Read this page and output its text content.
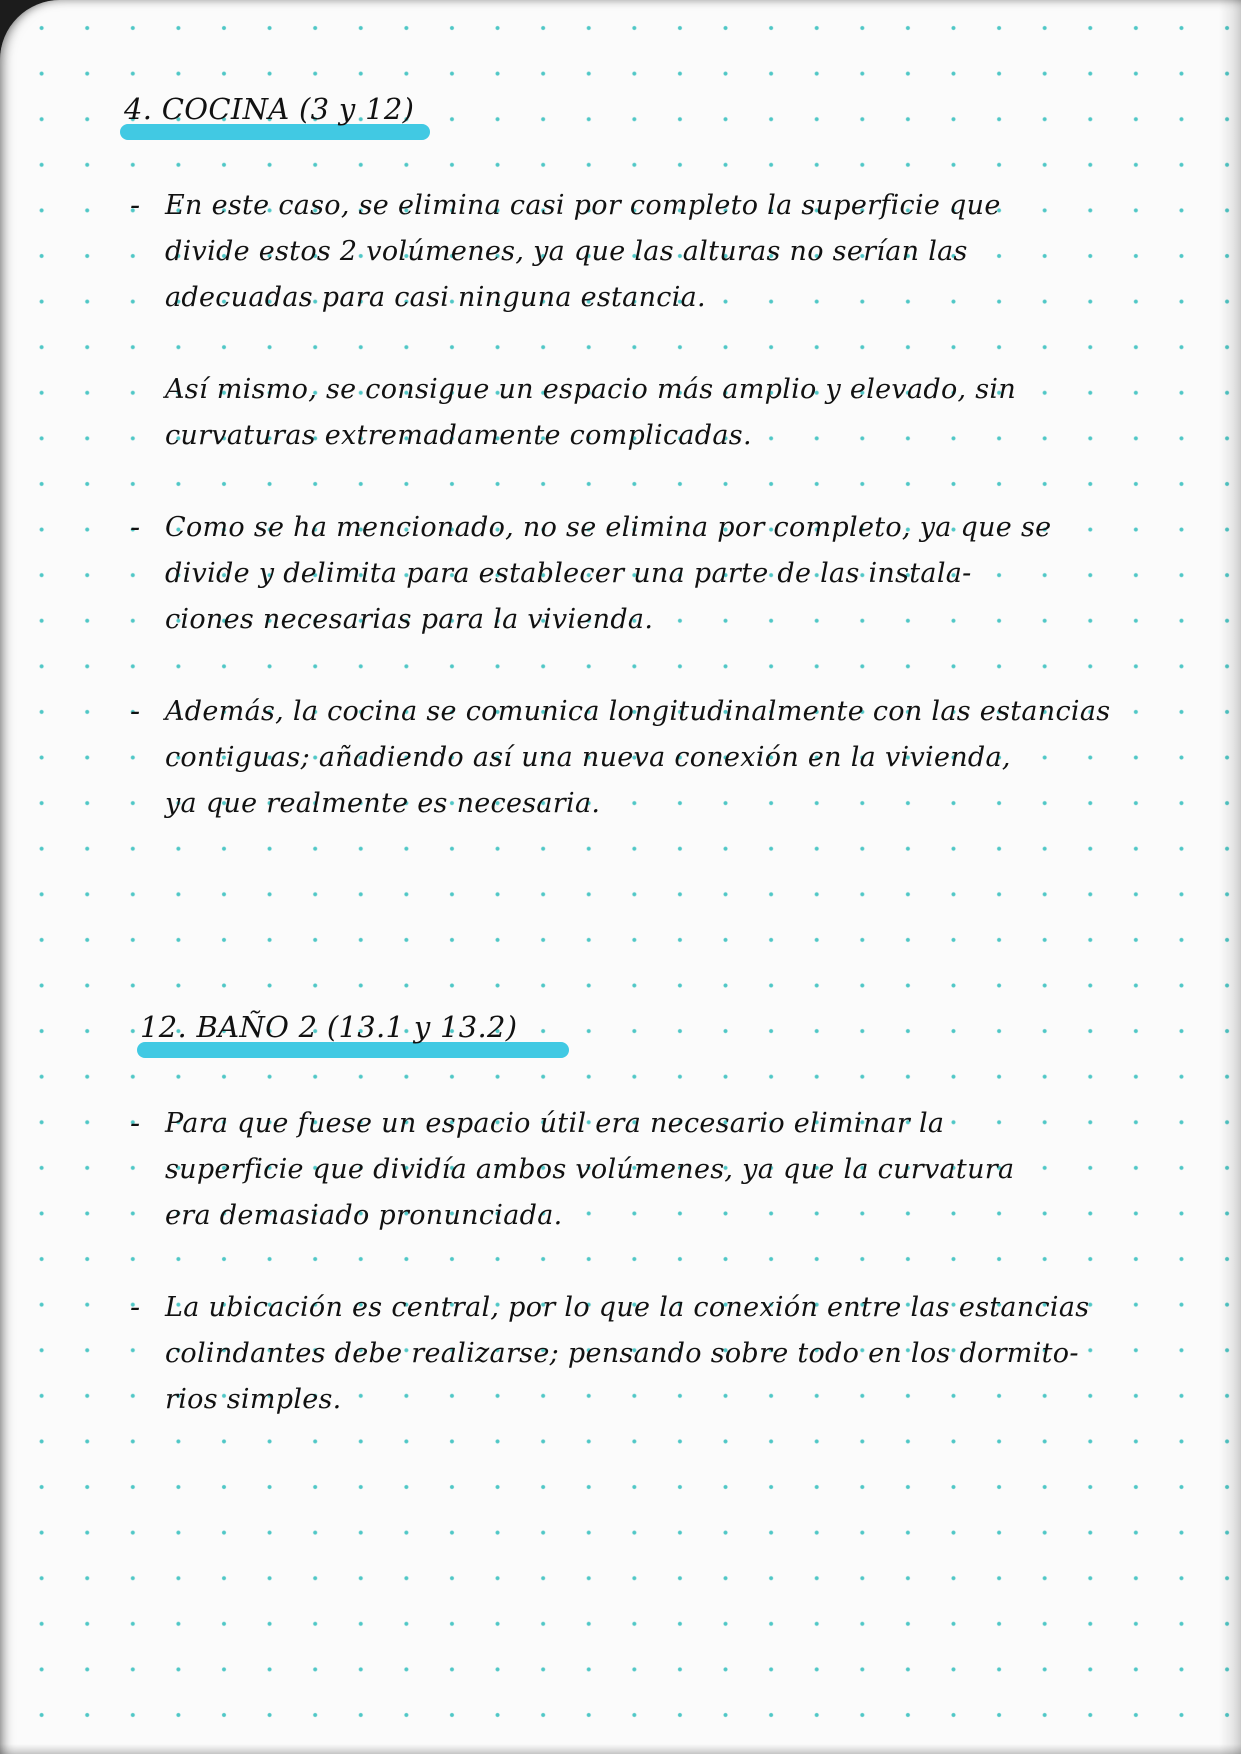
4. COCINA (3 y 12)
- En este caso, se elimina casi por completo la superficie que
divide estos 2 volúmenes, ya que las alturas no serían las
adecuadas para casi ninguna estancia.
Así mismo, se consigue un espacio más amplio y elevado, sin
curvaturas extremadamente complicadas.
- Como se ha mencionado, no se elimina por completo, ya que se
divide y delimita para establecer una parte de las instala-
ciones necesarias para la vivienda.
- Además, la cocina se comunica longitudinalmente con las estancias
contiguas; añadiendo así una nueva conexión en la vivienda,
ya que realmente es necesaria.
12. BAÑO 2 (13.1 y 13.2)
- Para que fuese un espacio útil era necesario eliminar la
superficie que dividía ambos volúmenes, ya que la curvatura
era demasiado pronunciada.
- La ubicación es central, por lo que la conexión entre las estancias
colindantes debe realizarse; pensando sobre todo en los dormito-
rios simples.
